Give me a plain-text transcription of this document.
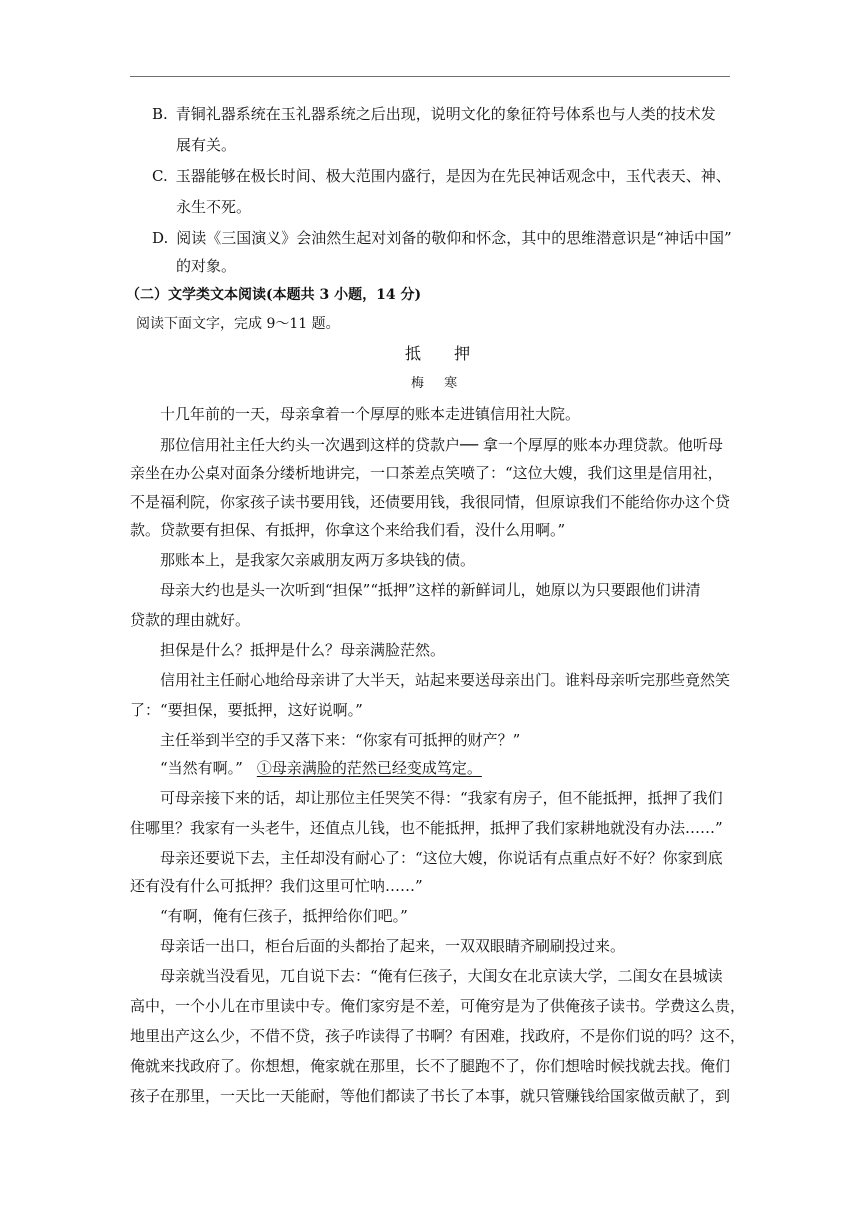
B. 青铜礼器系统在玉礼器系统之后出现，说明文化的象征符号体系也与人类的技术发
展有关。
C. 玉器能够在极长时间、极大范围内盛行，是因为在先民神话观念中，玉代表天、神、
永生不死。
D. 阅读《三国演义》会油然生起对刘备的敬仰和怀念，其中的思维潜意识是“神话中国”
的对象。
（二）文学类文本阅读(本题共 3 小题，14 分)
阅读下面文字，完成 9～11 题。
抵 押
梅 寒
十几年前的一天，母亲拿着一个厚厚的账本走进镇信用社大院。
那位信用社主任大约头一次遇到这样的贷款户── 拿一个厚厚的账本办理贷款。他听母
亲坐在办公桌对面条分缕析地讲完，一口茶差点笑喷了：“这位大嫂，我们这里是信用社，
不是福利院，你家孩子读书要用钱，还债要用钱，我很同情，但原谅我们不能给你办这个贷
款。贷款要有担保、有抵押，你拿这个来给我们看，没什么用啊。”
那账本上，是我家欠亲戚朋友两万多块钱的债。
母亲大约也是头一次听到“担保”“抵押”这样的新鲜词儿，她原以为只要跟他们讲清
贷款的理由就好。
担保是什么？抵押是什么？母亲满脸茫然。
信用社主任耐心地给母亲讲了大半天，站起来要送母亲出门。谁料母亲听完那些竟然笑
了：“要担保，要抵押，这好说啊。”
主任举到半空的手又落下来：“你家有可抵押的财产？”
“当然有啊。” ①母亲满脸的茫然已经变成笃定。
可母亲接下来的话，却让那位主任哭笑不得：“我家有房子，但不能抵押，抵押了我们
住哪里？我家有一头老牛，还值点儿钱，也不能抵押，抵押了我们家耕地就没有办法……”
母亲还要说下去，主任却没有耐心了：“这位大嫂，你说话有点重点好不好？你家到底
还有没有什么可抵押？我们这里可忙呐……”
“有啊，俺有仨孩子，抵押给你们吧。”
母亲话一出口，柜台后面的头都抬了起来，一双双眼睛齐刷刷投过来。
母亲就当没看见，兀自说下去：“俺有仨孩子，大闺女在北京读大学，二闺女在县城读
高中，一个小儿在市里读中专。俺们家穷是不差，可俺穷是为了供俺孩子读书。学费这么贵，
地里出产这么少，不借不贷，孩子咋读得了书啊？有困难，找政府，不是你们说的吗？这不，
俺就来找政府了。你想想，俺家就在那里，长不了腿跑不了，你们想啥时候找就去找。俺们
孩子在那里，一天比一天能耐，等他们都读了书长了本事，就只管赚钱给国家做贡献了，到
